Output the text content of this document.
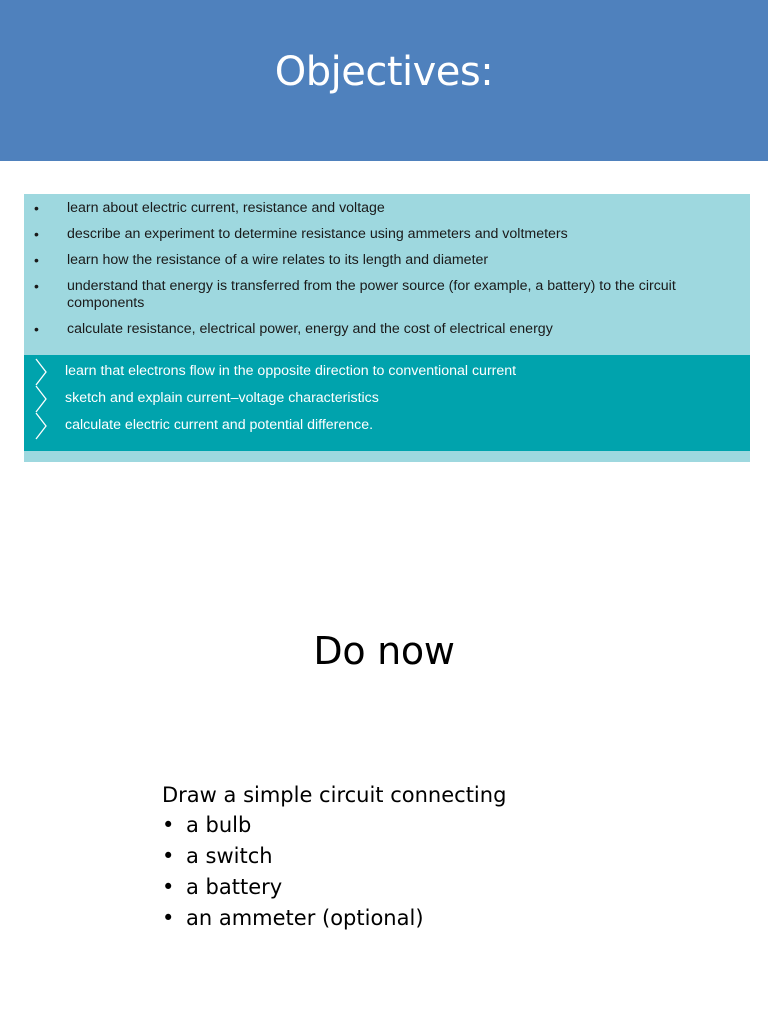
Objectives:
• learn about electric current, resistance and voltage
• describe an experiment to determine resistance using ammeters and voltmeters
• learn how the resistance of a wire relates to its length and diameter
• understand that energy is transferred from the power source (for example, a battery) to the circuit components
• calculate resistance, electrical power, energy and the cost of electrical energy
learn that electrons flow in the opposite direction to conventional current
sketch and explain current–voltage characteristics
calculate electric current and potential difference.
Do now
Draw a simple circuit connecting
• a bulb
• a switch
• a battery
• an ammeter (optional)
